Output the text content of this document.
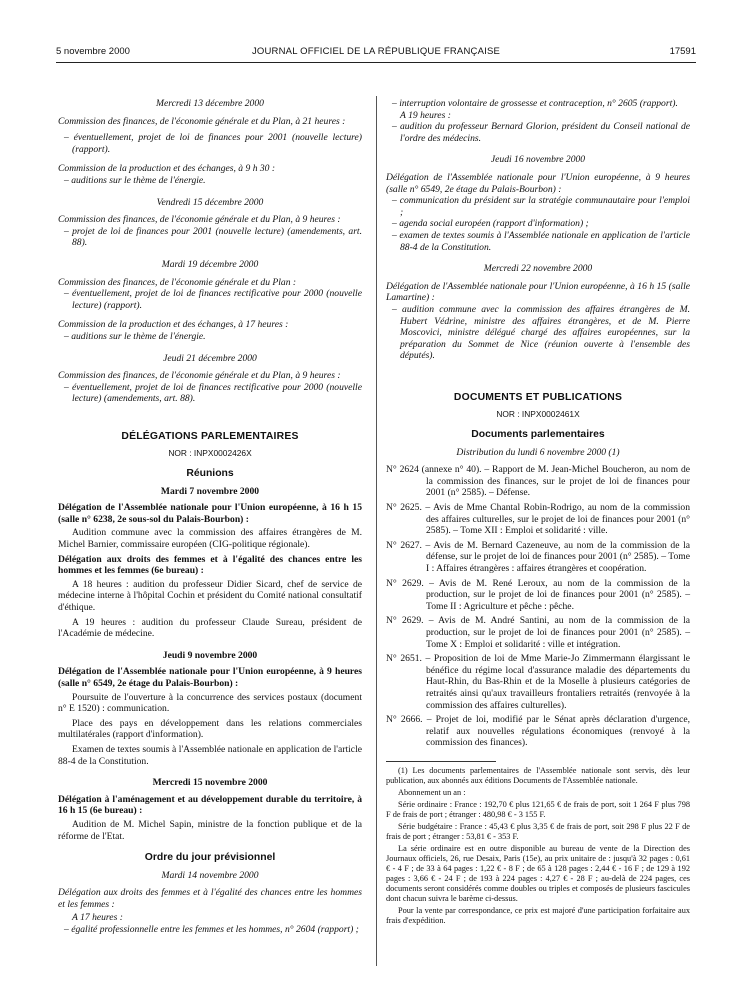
5 novembre 2000	JOURNAL OFFICIEL DE LA RÉPUBLIQUE FRANÇAISE	17591
Mercredi 13 décembre 2000

Commission des finances, de l'économie générale et du Plan, à 21 heures :

– éventuellement, projet de loi de finances pour 2001 (nouvelle lecture) (rapport).

Commission de la production et des échanges, à 9 h 30 :

– auditions sur le thème de l'énergie.

Vendredi 15 décembre 2000

Commission des finances, de l'économie générale et du Plan, à 9 heures :

– projet de loi de finances pour 2001 (nouvelle lecture) (amendements, art. 88).

Mardi 19 décembre 2000

Commission des finances, de l'économie générale et du Plan :

– éventuellement, projet de loi de finances rectificative pour 2000 (nouvelle lecture) (rapport).

Commission de la production et des échanges, à 17 heures :

– auditions sur le thème de l'énergie.

Jeudi 21 décembre 2000

Commission des finances, de l'économie générale et du Plan, à 9 heures :

– éventuellement, projet de loi de finances rectificative pour 2000 (nouvelle lecture) (amendements, art. 88).

DÉLÉGATIONS PARLEMENTAIRES
NOR : INPX0002426X
Réunions
Mardi 7 novembre 2000

Délégation de l'Assemblée nationale pour l'Union européenne, à 16 h 15 (salle n° 6238, 2e sous-sol du Palais-Bourbon) :

Audition commune avec la commission des affaires étrangères de M. Michel Barnier, commissaire européen (CIG-politique régionale).

Délégation aux droits des femmes et à l'égalité des chances entre les hommes et les femmes (6e bureau) :

A 18 heures : audition du professeur Didier Sicard, chef de service de médecine interne à l'hôpital Cochin et président du Comité national consultatif d'éthique.

A 19 heures : audition du professeur Claude Sureau, président de l'Académie de médecine.

Jeudi 9 novembre 2000

Délégation de l'Assemblée nationale pour l'Union européenne, à 9 heures (salle n° 6549, 2e étage du Palais-Bourbon) :

Poursuite de l'ouverture à la concurrence des services postaux (document n° E 1520) : communication.

Place des pays en développement dans les relations commerciales multilatérales (rapport d'information).

Examen de textes soumis à l'Assemblée nationale en application de l'article 88-4 de la Constitution.

Mercredi 15 novembre 2000

Délégation à l'aménagement et au développement durable du territoire, à 16 h 15 (6e bureau) :

Audition de M. Michel Sapin, ministre de la fonction publique et de la réforme de l'Etat.

Ordre du jour prévisionnel
Mardi 14 novembre 2000

Délégation aux droits des femmes et à l'égalité des chances entre les hommes et les femmes :

A 17 heures :

– égalité professionnelle entre les femmes et les hommes, n° 2604 (rapport) ;

– interruption volontaire de grossesse et contraception, n° 2605 (rapport).

A 19 heures :

– audition du professeur Bernard Glorion, président du Conseil national de l'ordre des médecins.

Jeudi 16 novembre 2000

Délégation de l'Assemblée nationale pour l'Union européenne, à 9 heures (salle n° 6549, 2e étage du Palais-Bourbon) :

– communication du président sur la stratégie communautaire pour l'emploi ;

– agenda social européen (rapport d'information) ;

– examen de textes soumis à l'Assemblée nationale en application de l'article 88-4 de la Constitution.

Mercredi 22 novembre 2000

Délégation de l'Assemblée nationale pour l'Union européenne, à 16 h 15 (salle Lamartine) :

– audition commune avec la commission des affaires étrangères de M. Hubert Védrine, ministre des affaires étrangères, et de M. Pierre Moscovici, ministre délégué chargé des affaires européennes, sur la préparation du Sommet de Nice (réunion ouverte à l'ensemble des députés).

DOCUMENTS ET PUBLICATIONS
NOR : INPX0002461X
Documents parlementaires
Distribution du lundi 6 novembre 2000 (1)

N° 2624 (annexe n° 40). – Rapport de M. Jean-Michel Boucheron, au nom de la commission des finances, sur le projet de loi de finances pour 2001 (n° 2585). – Défense.

N° 2625. – Avis de Mme Chantal Robin-Rodrigo, au nom de la commission des affaires culturelles, sur le projet de loi de finances pour 2001 (n° 2585). – Tome XII : Emploi et solidarité : ville.

N° 2627. – Avis de M. Bernard Cazeneuve, au nom de la commission de la défense, sur le projet de loi de finances pour 2001 (n° 2585). – Tome I : Affaires étrangères : affaires étrangères et coopération.

N° 2629. – Avis de M. René Leroux, au nom de la commission de la production, sur le projet de loi de finances pour 2001 (n° 2585). – Tome II : Agriculture et pêche : pêche.

N° 2629. – Avis de M. André Santini, au nom de la commission de la production, sur le projet de loi de finances pour 2001 (n° 2585). – Tome X : Emploi et solidarité : ville et intégration.

N° 2651. – Proposition de loi de Mme Marie-Jo Zimmermann élargissant le bénéfice du régime local d'assurance maladie des départements du Haut-Rhin, du Bas-Rhin et de la Moselle à plusieurs catégories de retraités ainsi qu'aux travailleurs frontaliers retraités (renvoyée à la commission des affaires culturelles).

N° 2666. – Projet de loi, modifié par le Sénat après déclaration d'urgence, relatif aux nouvelles régulations économiques (renvoyé à la commission des finances).

(1) Les documents parlementaires de l'Assemblée nationale sont servis, dès leur publication, aux abonnés aux éditions Documents de l'Assemblée nationale.

Abonnement un an :

Série ordinaire : France : 192,70 € plus 121,65 € de frais de port, soit 1 264 F plus 798 F de frais de port ; étranger : 480,98 € - 3 155 F.

Série budgétaire : France : 45,43 € plus 3,35 € de frais de port, soit 298 F plus 22 F de frais de port ; étranger : 53,81 € - 353 F.

La série ordinaire est en outre disponible au bureau de vente de la Direction des Journaux officiels, 26, rue Desaix, Paris (15e), au prix unitaire de : jusqu'à 32 pages : 0,61 € - 4 F ; de 33 à 64 pages : 1,22 € - 8 F ; de 65 à 128 pages : 2,44 € - 16 F ; de 129 à 192 pages : 3,66 € - 24 F ; de 193 à 224 pages : 4,27 € - 28 F ; au-delà de 224 pages, ces documents seront considérés comme doubles ou triples et composés de plusieurs fascicules dont chacun suivra le barème ci-dessus.

Pour la vente par correspondance, ce prix est majoré d'une participation forfaitaire aux frais d'expédition.
